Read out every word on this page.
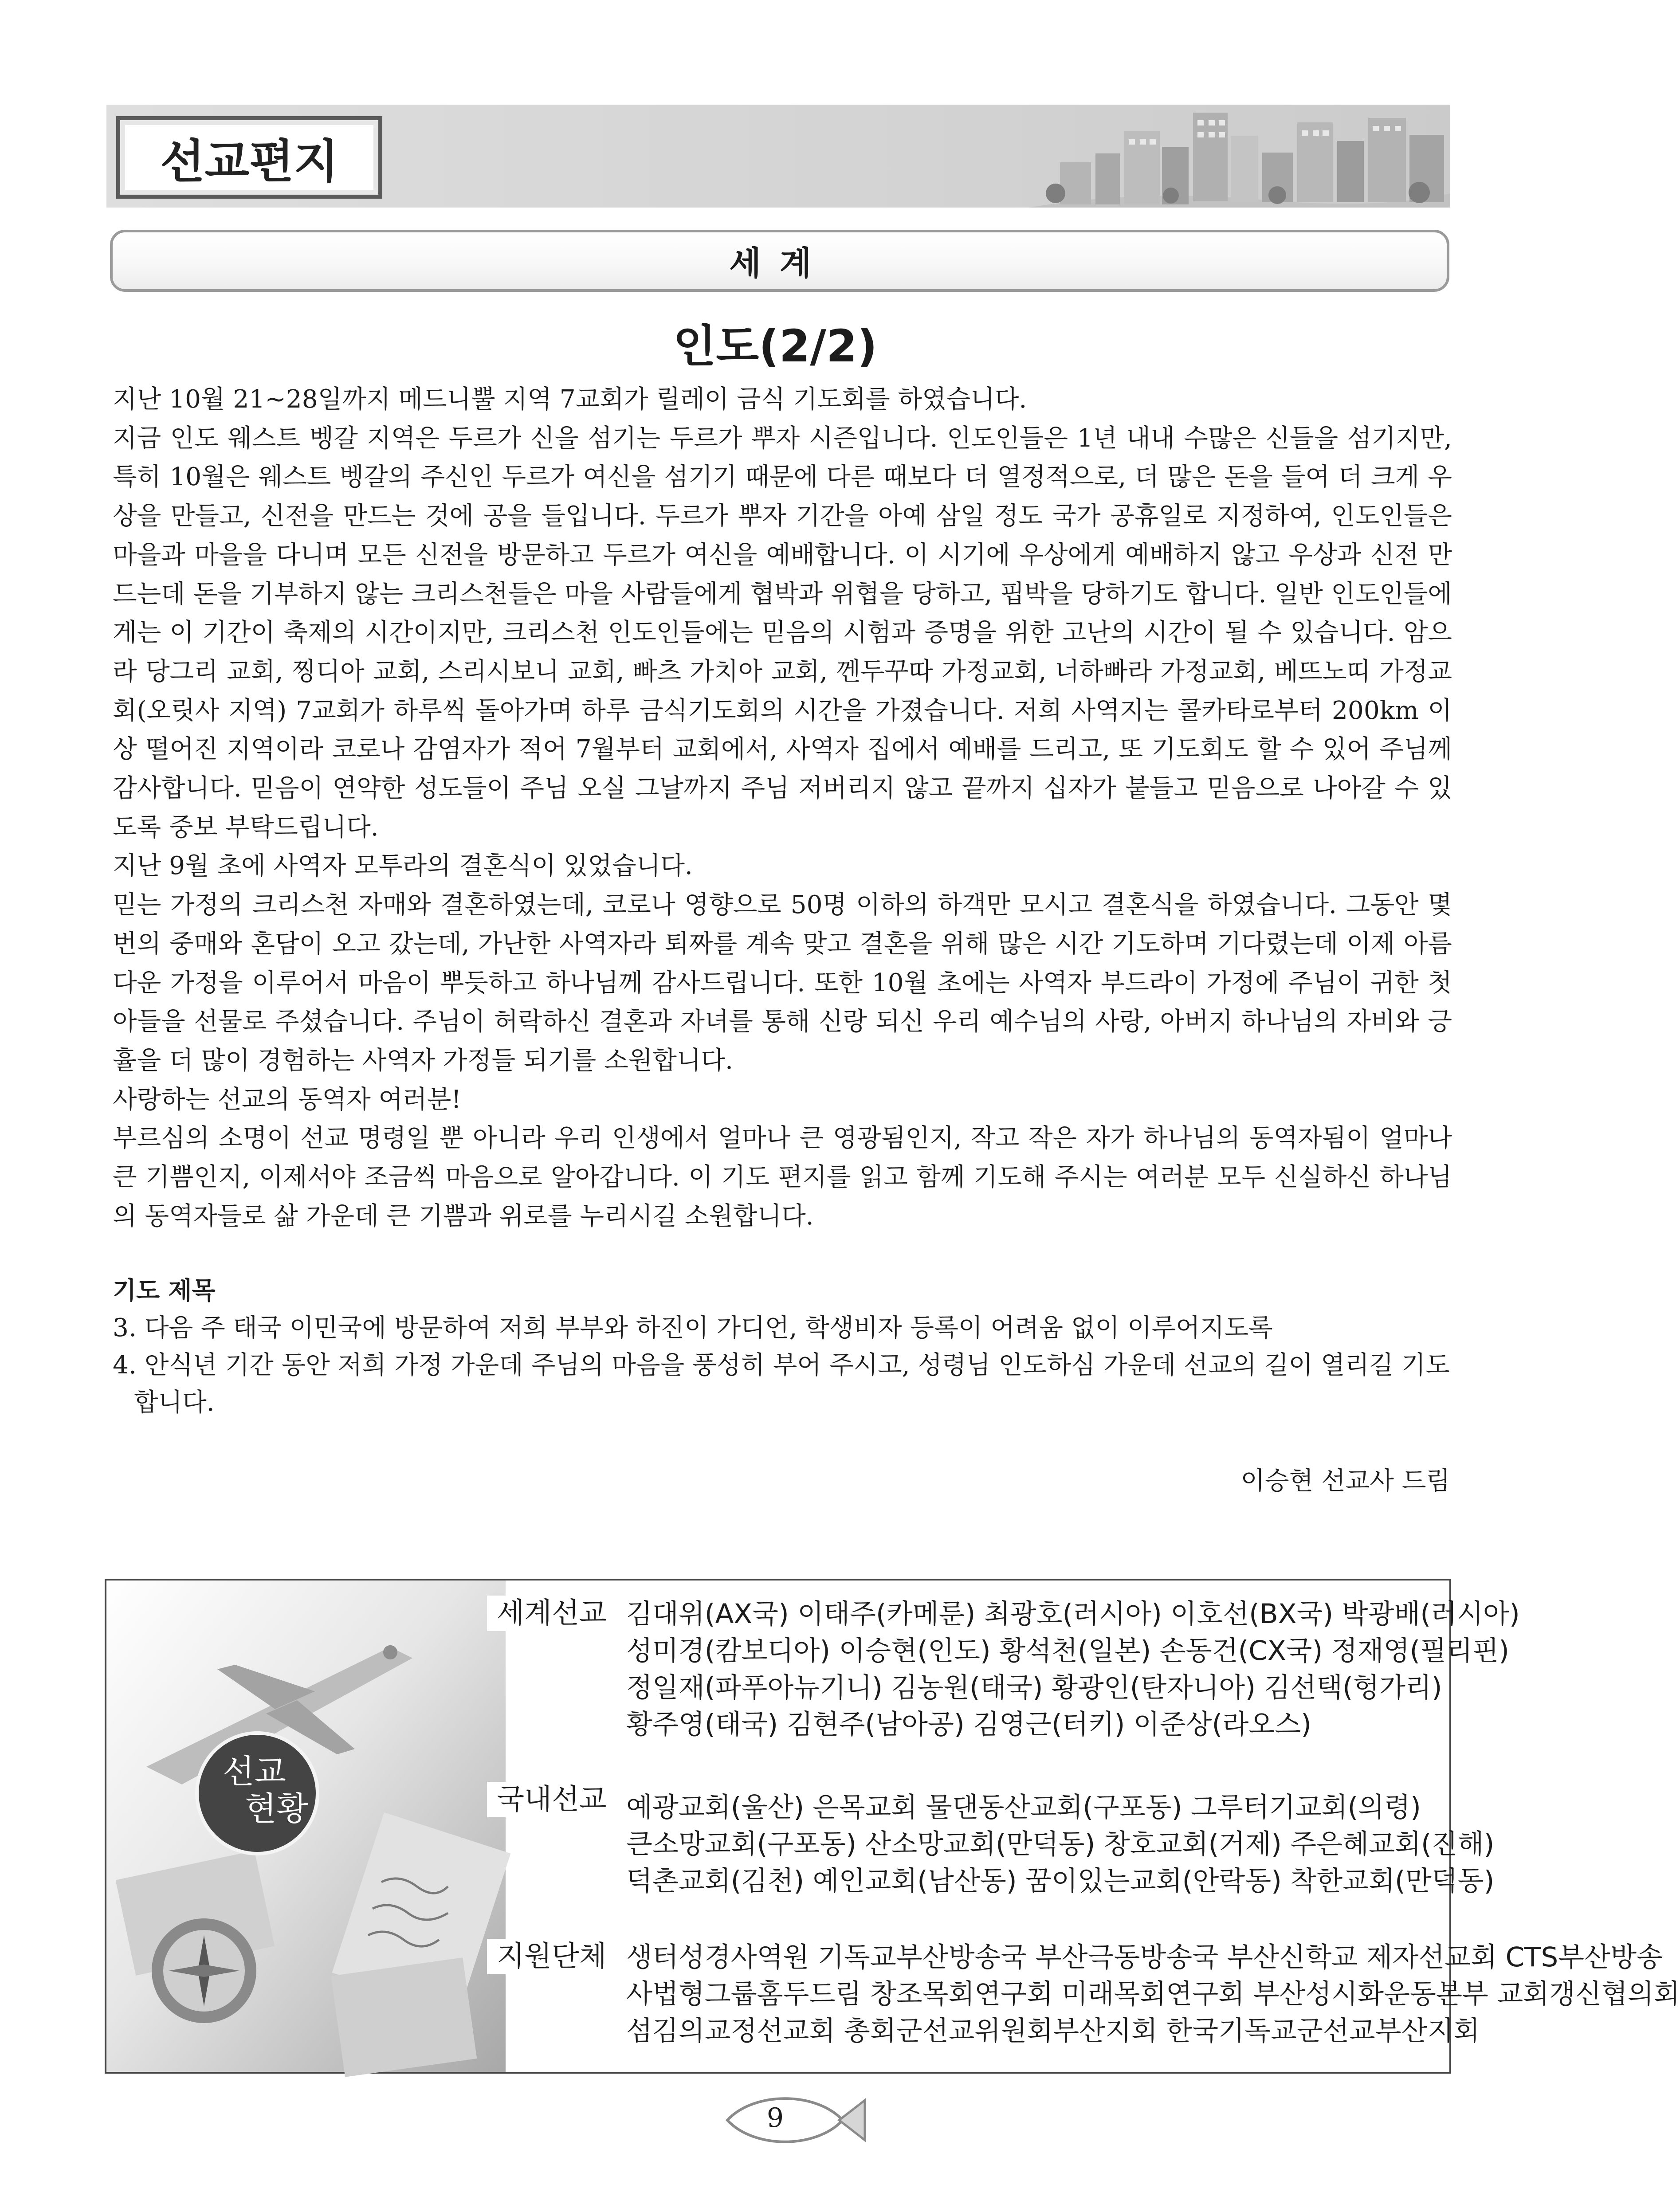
선교편지
세계
인도(2/2)

지난 10월 21~28일까지 메드니뿔 지역 7교회가 릴레이 금식 기도회를 하였습니다.

지금 인도 웨스트 벵갈 지역은 두르가 신을 섬기는 두르가 뿌자 시즌입니다. 인도인들은 1년 내내 수많은 신들을 섬기지만, 특히 10월은 웨스트 벵갈의 주신인 두르가 여신을 섬기기 때문에 다른 때보다 더 열정적으로, 더 많은 돈을 들여 더 크게 우상을 만들고, 신전을 만드는 것에 공을 들입니다. 두르가 뿌자 기간을 아예 삼일 정도 국가 공휴일로 지정하여, 인도인들은 마을과 마을을 다니며 모든 신전을 방문하고 두르가 여신을 예배합니다. 이 시기에 우상에게 예배하지 않고 우상과 신전 만드는데 돈을 기부하지 않는 크리스천들은 마을 사람들에게 협박과 위협을 당하고, 핍박을 당하기도 합니다. 일반 인도인들에게는 이 기간이 축제의 시간이지만, 크리스천 인도인들에는 믿음의 시험과 증명을 위한 고난의 시간이 될 수 있습니다. 암으라 당그리 교회, 찡디아 교회, 스리시보니 교회, 빠츠 가치아 교회, 껜두꾸따 가정교회, 너하빠라 가정교회, 베뜨노띠 가정교회(오릿사 지역) 7교회가 하루씩 돌아가며 하루 금식기도회의 시간을 가졌습니다. 저희 사역지는 콜카타로부터 200km 이상 떨어진 지역이라 코로나 감염자가 적어 7월부터 교회에서, 사역자 집에서 예배를 드리고, 또 기도회도 할 수 있어 주님께 감사합니다. 믿음이 연약한 성도들이 주님 오실 그날까지 주님 저버리지 않고 끝까지 십자가 붙들고 믿음으로 나아갈 수 있도록 중보 부탁드립니다.

지난 9월 초에 사역자 모투라의 결혼식이 있었습니다.

믿는 가정의 크리스천 자매와 결혼하였는데, 코로나 영향으로 50명 이하의 하객만 모시고 결혼식을 하였습니다. 그동안 몇 번의 중매와 혼담이 오고 갔는데, 가난한 사역자라 퇴짜를 계속 맞고 결혼을 위해 많은 시간 기도하며 기다렸는데 이제 아름다운 가정을 이루어서 마음이 뿌듯하고 하나님께 감사드립니다. 또한 10월 초에는 사역자 부드라이 가정에 주님이 귀한 첫아들을 선물로 주셨습니다. 주님이 허락하신 결혼과 자녀를 통해 신랑 되신 우리 예수님의 사랑, 아버지 하나님의 자비와 긍휼을 더 많이 경험하는 사역자 가정들 되기를 소원합니다.

사랑하는 선교의 동역자 여러분!

부르심의 소명이 선교 명령일 뿐 아니라 우리 인생에서 얼마나 큰 영광됨인지, 작고 작은 자가 하나님의 동역자됨이 얼마나 큰 기쁨인지, 이제서야 조금씩 마음으로 알아갑니다. 이 기도 편지를 읽고 함께 기도해 주시는 여러분 모두 신실하신 하나님의 동역자들로 삶 가운데 큰 기쁨과 위로를 누리시길 소원합니다.

기도 제목
3. 다음 주 태국 이민국에 방문하여 저희 부부와 하진이 가디언, 학생비자 등록이 어려움 없이 이루어지도록
4. 안식년 기간 동안 저희 가정 가운데 주님의 마음을 풍성히 부어 주시고, 성령님 인도하심 가운데 선교의 길이 열리길 기도합니다.
이승현 선교사 드림
선교
현황
세계선교 김대위(AX국) 이태주(카메룬) 최광호(러시아) 이호선(BX국) 박광배(러시아)
성미경(캄보디아) 이승현(인도) 황석천(일본) 손동건(CX국) 정재영(필리핀)
정일재(파푸아뉴기니) 김농원(태국) 황광인(탄자니아) 김선택(헝가리)
황주영(태국) 김현주(남아공) 김영근(터키) 이준상(라오스)
국내선교 예광교회(울산) 은목교회 물댄동산교회(구포동) 그루터기교회(의령)
큰소망교회(구포동) 산소망교회(만덕동) 창호교회(거제) 주은혜교회(진해)
덕촌교회(김천) 예인교회(남산동) 꿈이있는교회(안락동) 착한교회(만덕동)
지원단체 생터성경사역원 기독교부산방송국 부산극동방송국 부산신학교 제자선교회 CTS부산방송
사법형그룹홈두드림 창조목회연구회 미래목회연구회 부산성시화운동본부 교회갱신협의회
섬김의교정선교회 총회군선교위원회부산지회 한국기독교군선교부산지회
9
